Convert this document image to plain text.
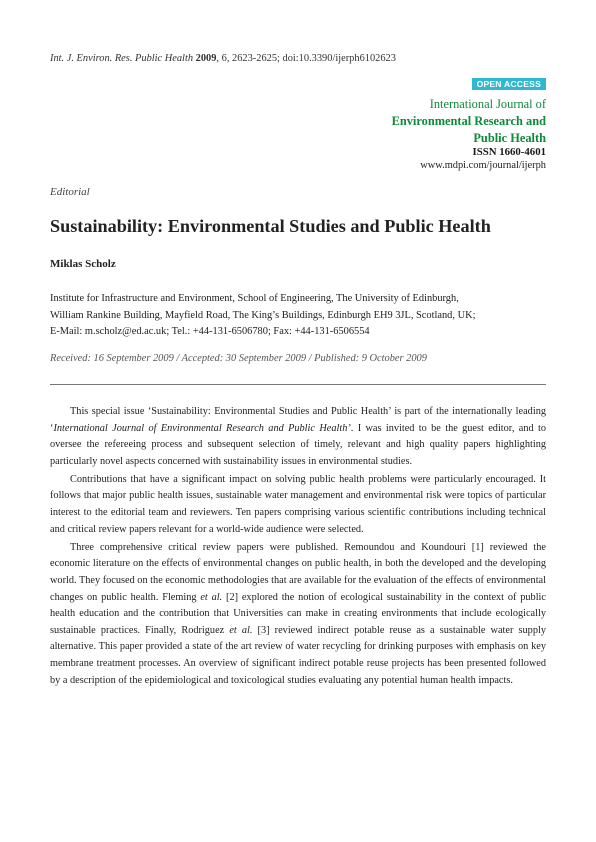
Int. J. Environ. Res. Public Health 2009, 6, 2623-2625; doi:10.3390/ijerph6102623
OPEN ACCESS
International Journal of
Environmental Research and
Public Health
ISSN 1660-4601
www.mdpi.com/journal/ijerph
Editorial
Sustainability: Environmental Studies and Public Health
Miklas Scholz
Institute for Infrastructure and Environment, School of Engineering, The University of Edinburgh,
William Rankine Building, Mayfield Road, The King’s Buildings, Edinburgh EH9 3JL, Scotland, UK;
E-Mail: m.scholz@ed.ac.uk; Tel.: +44-131-6506780; Fax: +44-131-6506554
Received: 16 September 2009 / Accepted: 30 September 2009 / Published: 9 October 2009

This special issue ‘Sustainability: Environmental Studies and Public Health’ is part of the internationally leading ‘International Journal of Environmental Research and Public Health’. I was invited to be the guest editor, and to oversee the refereeing process and subsequent selection of timely, relevant and high quality papers highlighting particularly novel aspects concerned with sustainability issues in environmental studies.

Contributions that have a significant impact on solving public health problems were particularly encouraged. It follows that major public health issues, sustainable water management and environmental risk were topics of particular interest to the editorial team and reviewers. Ten papers comprising various scientific contributions including technical and critical review papers relevant for a world-wide audience were selected.

Three comprehensive critical review papers were published. Remoundou and Koundouri [1] reviewed the economic literature on the effects of environmental changes on public health, in both the developed and the developing world. They focused on the economic methodologies that are available for the evaluation of the effects of environmental changes on public health. Fleming et al. [2] explored the notion of ecological sustainability in the context of public health education and the contribution that Universities can make in creating environments that include ecologically sustainable practices. Finally, Rodriguez et al. [3] reviewed indirect potable reuse as a sustainable water supply alternative. This paper provided a state of the art review of water recycling for drinking purposes with emphasis on key membrane treatment processes. An overview of significant indirect potable reuse projects has been presented followed by a description of the epidemiological and toxicological studies evaluating any potential human health impacts.
